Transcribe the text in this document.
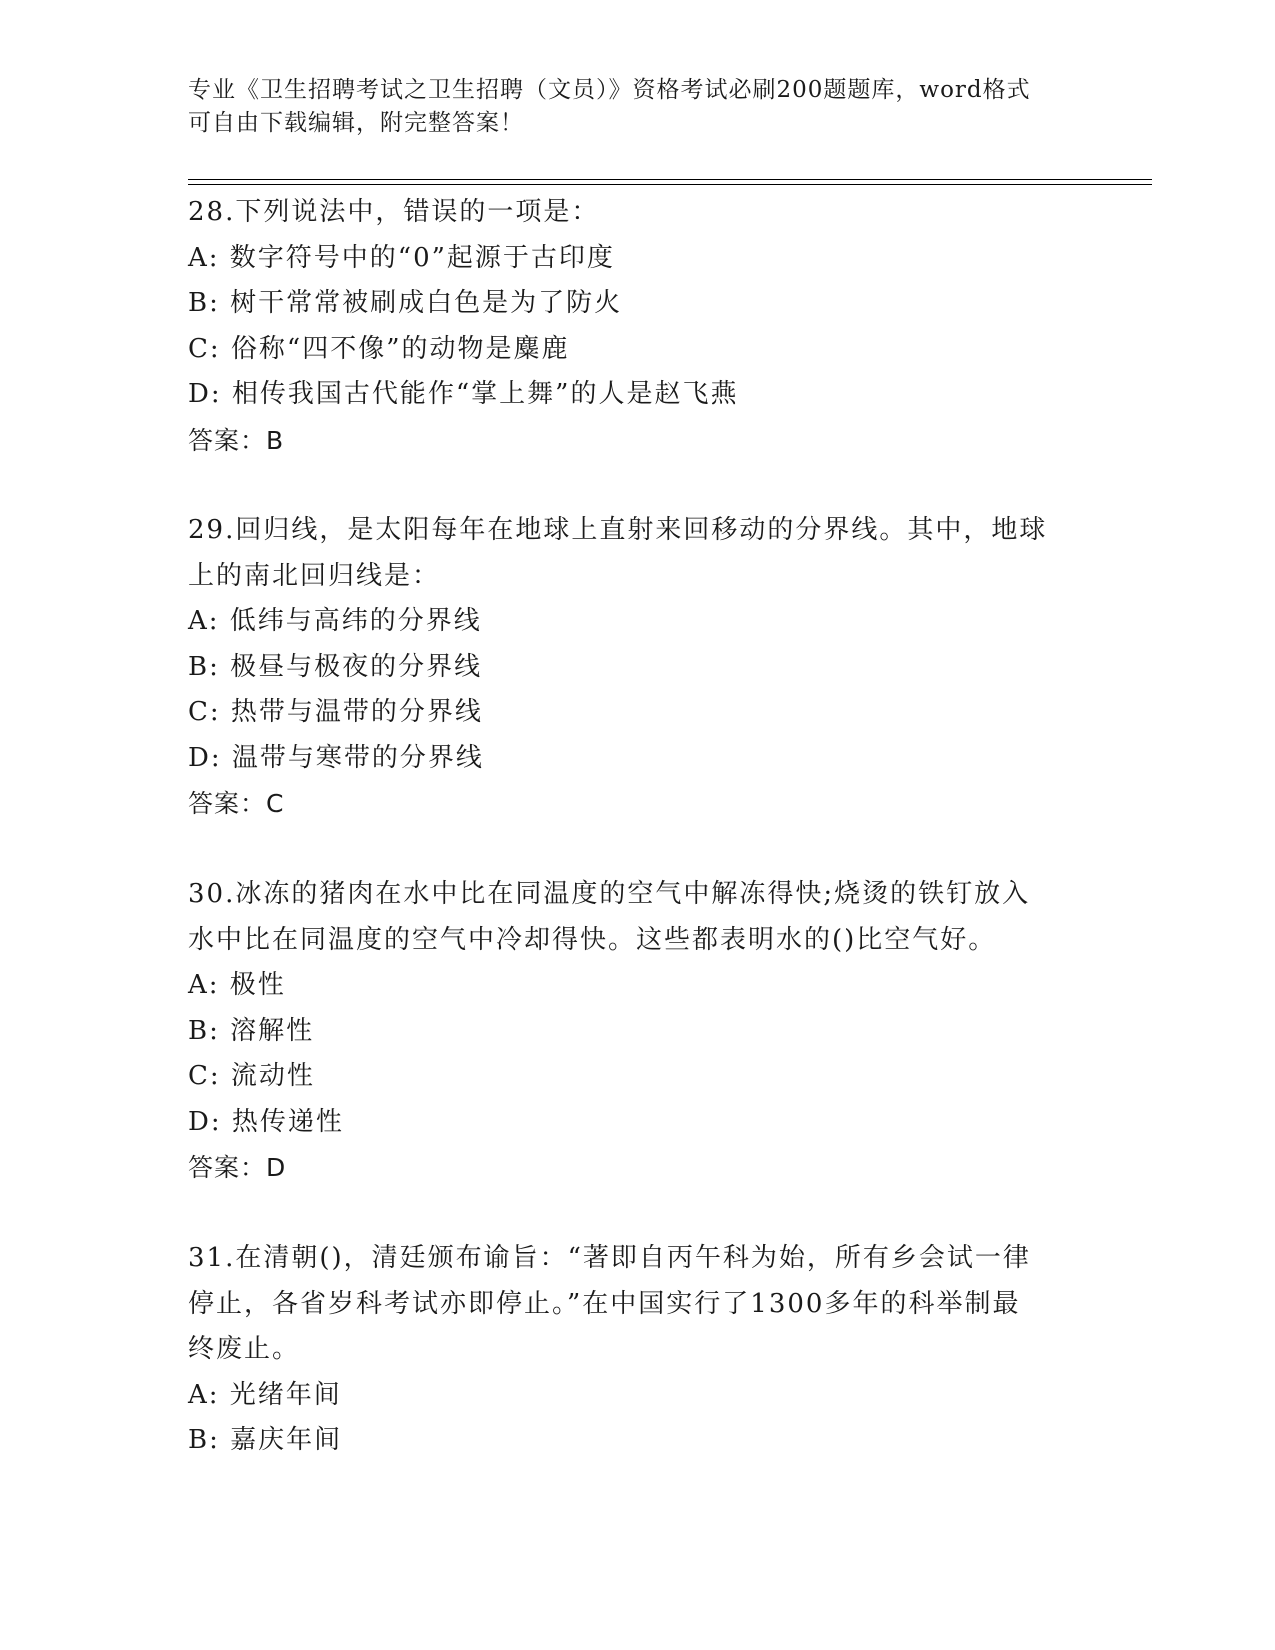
专业《卫生招聘考试之卫生招聘（文员）》资格考试必刷200题题库，word格式
可自由下载编辑，附完整答案！
28.下列说法中，错误的一项是：
A: 数字符号中的“0”起源于古印度
B: 树干常常被刷成白色是为了防火
C: 俗称“四不像”的动物是麋鹿
D: 相传我国古代能作“掌上舞”的人是赵飞燕
答案：B
29.回归线，是太阳每年在地球上直射来回移动的分界线。其中，地球
上的南北回归线是：
A: 低纬与高纬的分界线
B: 极昼与极夜的分界线
C: 热带与温带的分界线
D: 温带与寒带的分界线
答案：C
30.冰冻的猪肉在水中比在同温度的空气中解冻得快;烧烫的铁钉放入
水中比在同温度的空气中冷却得快。这些都表明水的()比空气好。
A: 极性
B: 溶解性
C: 流动性
D: 热传递性
答案：D
31.在清朝()，清廷颁布谕旨：“著即自丙午科为始，所有乡会试一律
停止，各省岁科考试亦即停止。”在中国实行了1300多年的科举制最
终废止。
A: 光绪年间
B: 嘉庆年间
